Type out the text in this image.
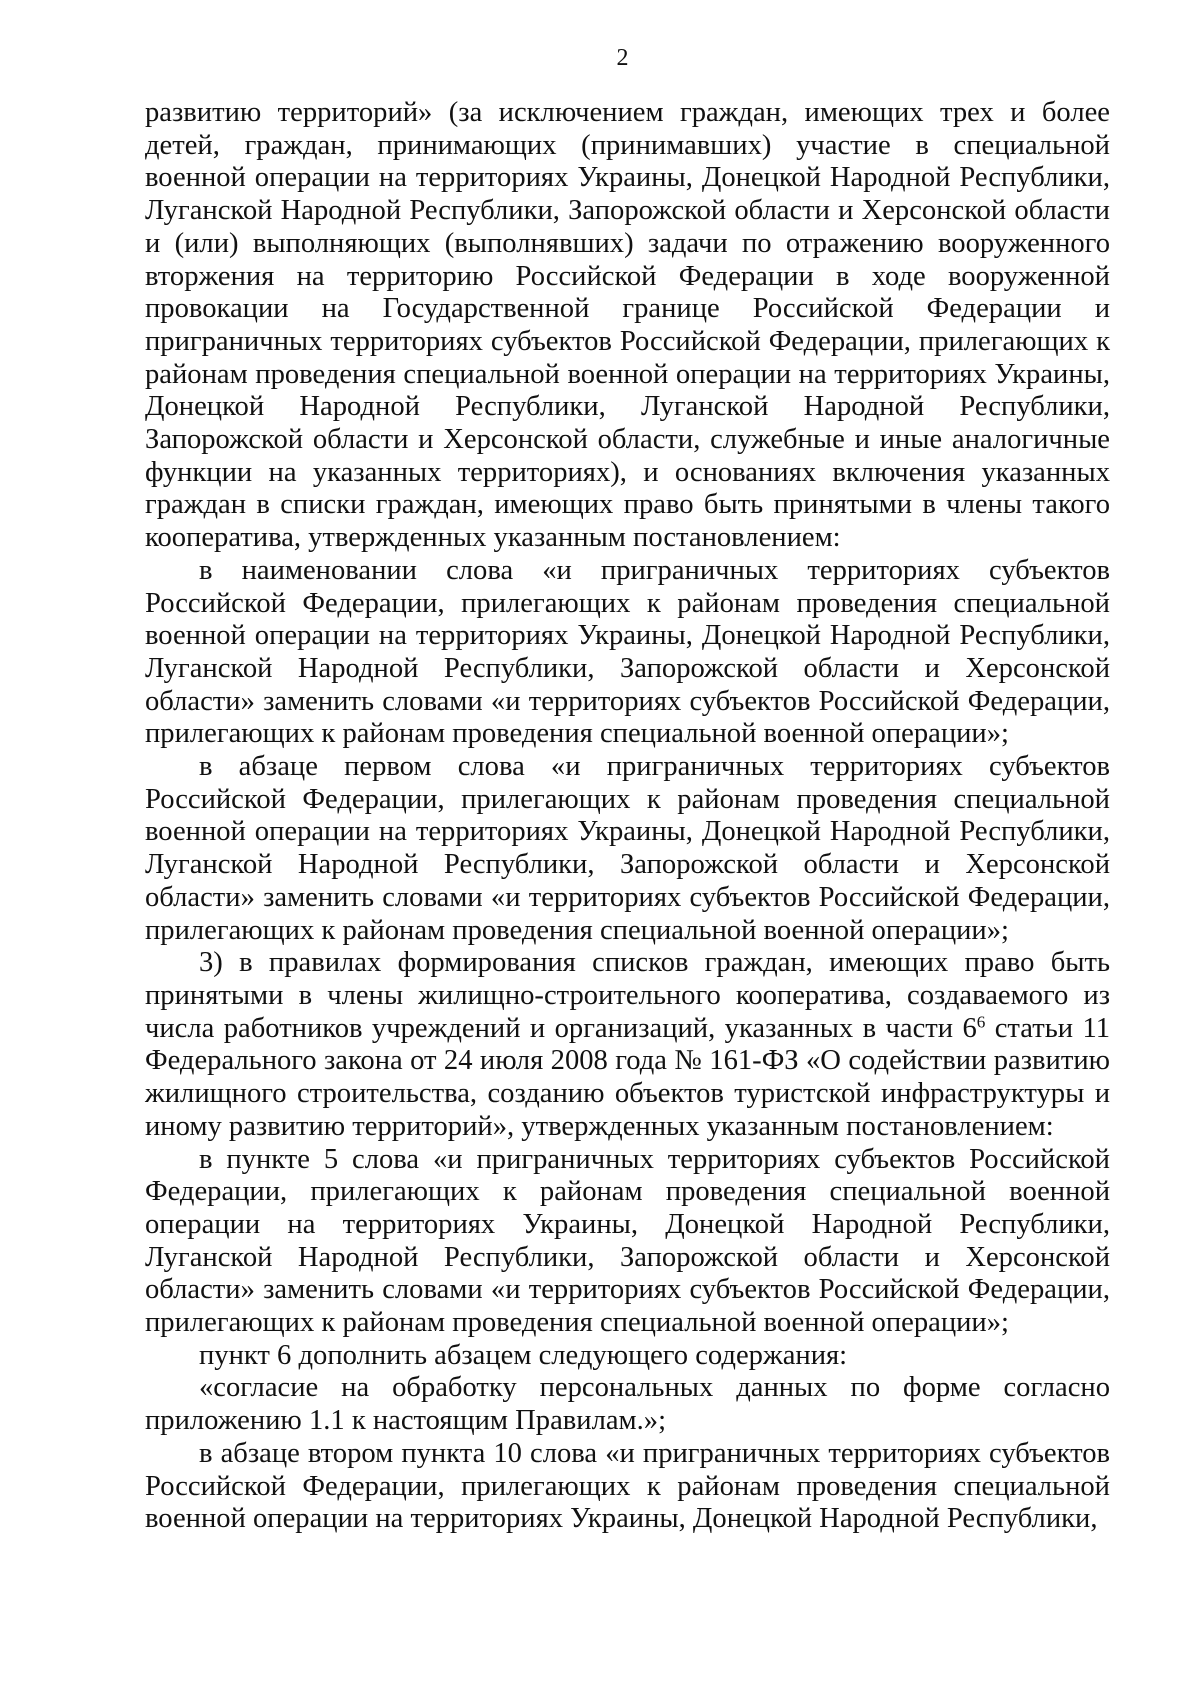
2

развитию территорий» (за исключением граждан, имеющих трех и более детей, граждан, принимающих (принимавших) участие в специальной военной операции на территориях Украины, Донецкой Народной Республики, Луганской Народной Республики, Запорожской области и Херсонской области и (или) выполняющих (выполнявших) задачи по отражению вооруженного вторжения на территорию Российской Федерации в ходе вооруженной провокации на Государственной границе Российской Федерации и приграничных территориях субъектов Российской Федерации, прилегающих к районам проведения специальной военной операции на территориях Украины, Донецкой Народной Республики, Луганской Народной Республики, Запорожской области и Херсонской области, служебные и иные аналогичные функции на указанных территориях), и основаниях включения указанных граждан в списки граждан, имеющих право быть принятыми в члены такого кооператива, утвержденных указанным постановлением:

в наименовании слова «и приграничных территориях субъектов Российской Федерации, прилегающих к районам проведения специальной военной операции на территориях Украины, Донецкой Народной Республики, Луганской Народной Республики, Запорожской области и Херсонской области» заменить словами «и территориях субъектов Российской Федерации, прилегающих к районам проведения специальной военной операции»;

в абзаце первом слова «и приграничных территориях субъектов Российской Федерации, прилегающих к районам проведения специальной военной операции на территориях Украины, Донецкой Народной Республики, Луганской Народной Республики, Запорожской области и Херсонской области» заменить словами «и территориях субъектов Российской Федерации, прилегающих к районам проведения специальной военной операции»;

3) в правилах формирования списков граждан, имеющих право быть принятыми в члены жилищно-строительного кооператива, создаваемого из числа работников учреждений и организаций, указанных в части $6^6$ статьи 11 Федерального закона от 24 июля 2008 года № 161-ФЗ «О содействии развитию жилищного строительства, созданию объектов туристской инфраструктуры и иному развитию территорий», утвержденных указанным постановлением:

в пункте 5 слова «и приграничных территориях субъектов Российской Федерации, прилегающих к районам проведения специальной военной операции на территориях Украины, Донецкой Народной Республики, Луганской Народной Республики, Запорожской области и Херсонской области» заменить словами «и территориях субъектов Российской Федерации, прилегающих к районам проведения специальной военной операции»;

пункт 6 дополнить абзацем следующего содержания:

«согласие на обработку персональных данных по форме согласно приложению 1.1 к настоящим Правилам.»;

в абзаце втором пункта 10 слова «и приграничных территориях субъектов Российской Федерации, прилегающих к районам проведения специальной военной операции на территориях Украины, Донецкой Народной Республики,
